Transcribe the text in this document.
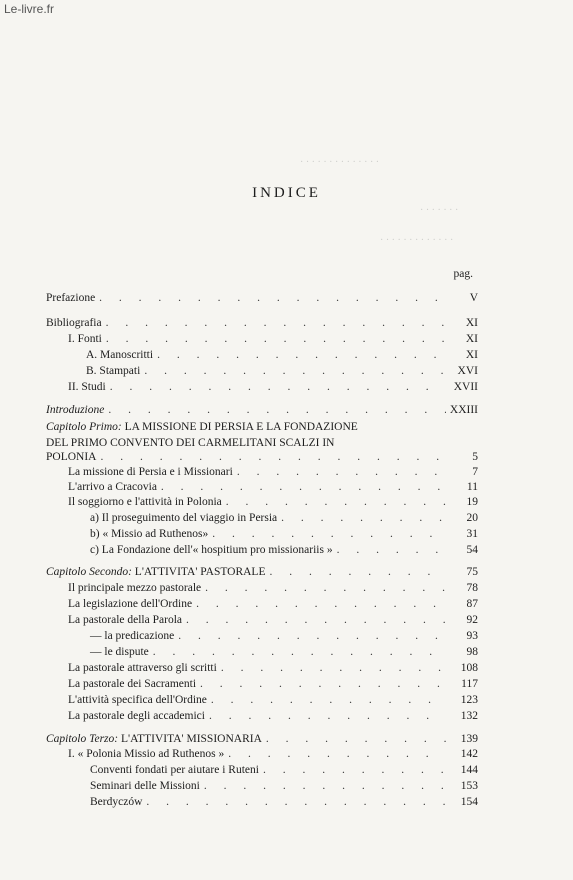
Le-livre.fr
· · · · · · · · · · · · · ·
· · · · · · ·
· · · · · · · · · · · · ·
INDICE
pag.
Prefazione . . .	V
Bibliografia . . .	XI
I. Fonti . . .	XI
A. Manoscritti . . .	XI
B. Stampati . . .	XVI
II. Studi . . .	XVII
Introduzione . . .	XXIII
Capitolo Primo: LA MISSIONE DI PERSIA E LA FONDAZIONE
DEL PRIMO CONVENTO DEI CARMELITANI SCALZI IN
POLONIA . . .	5
La missione di Persia e i Missionari . . .	7
L'arrivo a Cracovia . . .	11
Il soggiorno e l'attività in Polonia . . .	19
a) Il proseguimento del viaggio in Persia . . .	20
b) « Missio ad Ruthenos» . . .	31
c) La Fondazione dell'« hospitium pro missionariis » . . .	54
Capitolo Secondo: L'ATTIVITA' PASTORALE . . .	75
Il principale mezzo pastorale . . .	78
La legislazione dell'Ordine . . .	87
La pastorale della Parola . . .	92
— la predicazione . . .	93
— le dispute . . .	98
La pastorale attraverso gli scritti . . .	108
La pastorale dei Sacramenti . . .	117
L'attività specifica dell'Ordine . . .	123
La pastorale degli accademici . . .	132
Capitolo Terzo: L'ATTIVITA' MISSIONARIA . . .	139
I. « Polonia Missio ad Ruthenos » . . .	142
Conventi fondati per aiutare i Ruteni . . .	144
Seminari delle Missioni . . .	153
Berdyczów . . .	154
